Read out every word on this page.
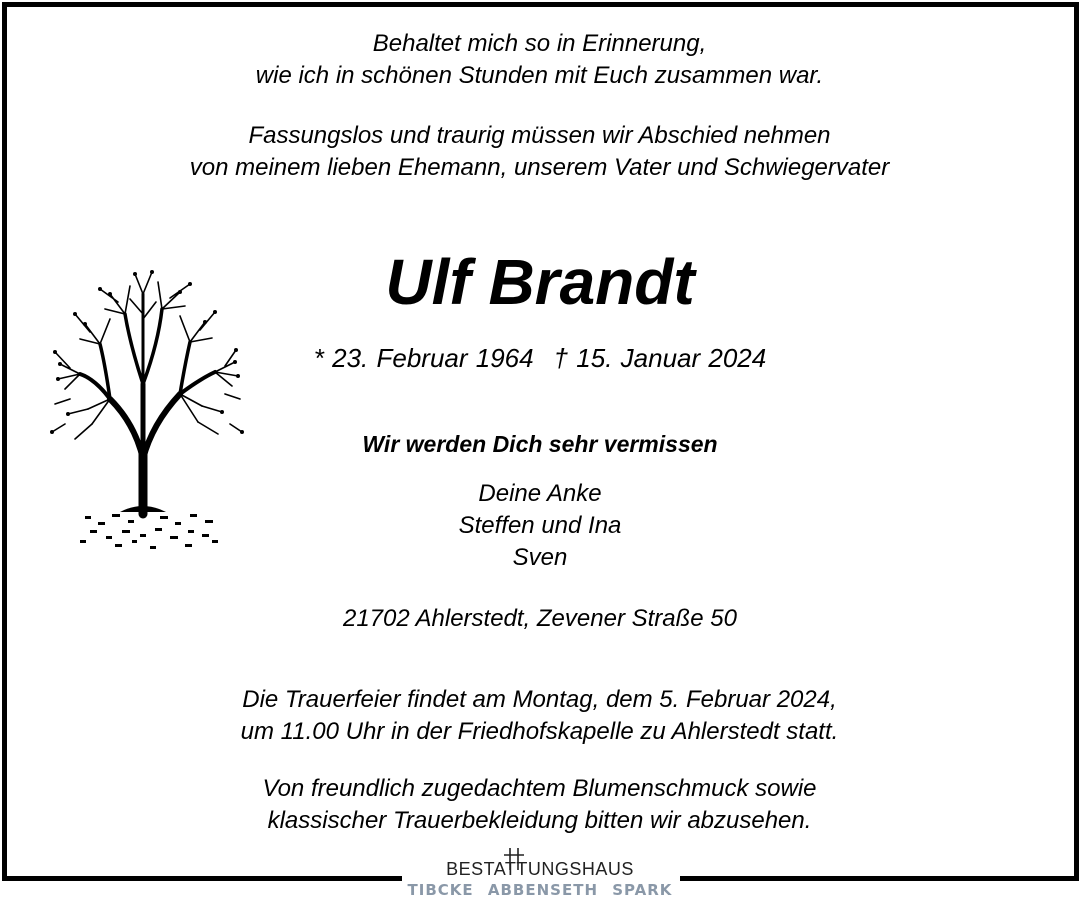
Behaltet mich so in Erinnerung,
wie ich in schönen Stunden mit Euch zusammen war.
Fassungslos und traurig müssen wir Abschied nehmen
von meinem lieben Ehemann, unserem Vater und Schwiegervater
Ulf Brandt
* 23. Februar 1964 † 15. Januar 2024
Wir werden Dich sehr vermissen
Deine Anke
Steffen und Ina
Sven
21702 Ahlerstedt, Zevener Straße 50
Die Trauerfeier findet am Montag, dem 5. Februar 2024,
um 11.00 Uhr in der Friedhofskapelle zu Ahlerstedt statt.
Von freundlich zugedachtem Blumenschmuck sowie
klassischer Trauerbekleidung bitten wir abzusehen.
BESTATTUNGSHAUS
TIBCKE ABBENSETH SPARK
